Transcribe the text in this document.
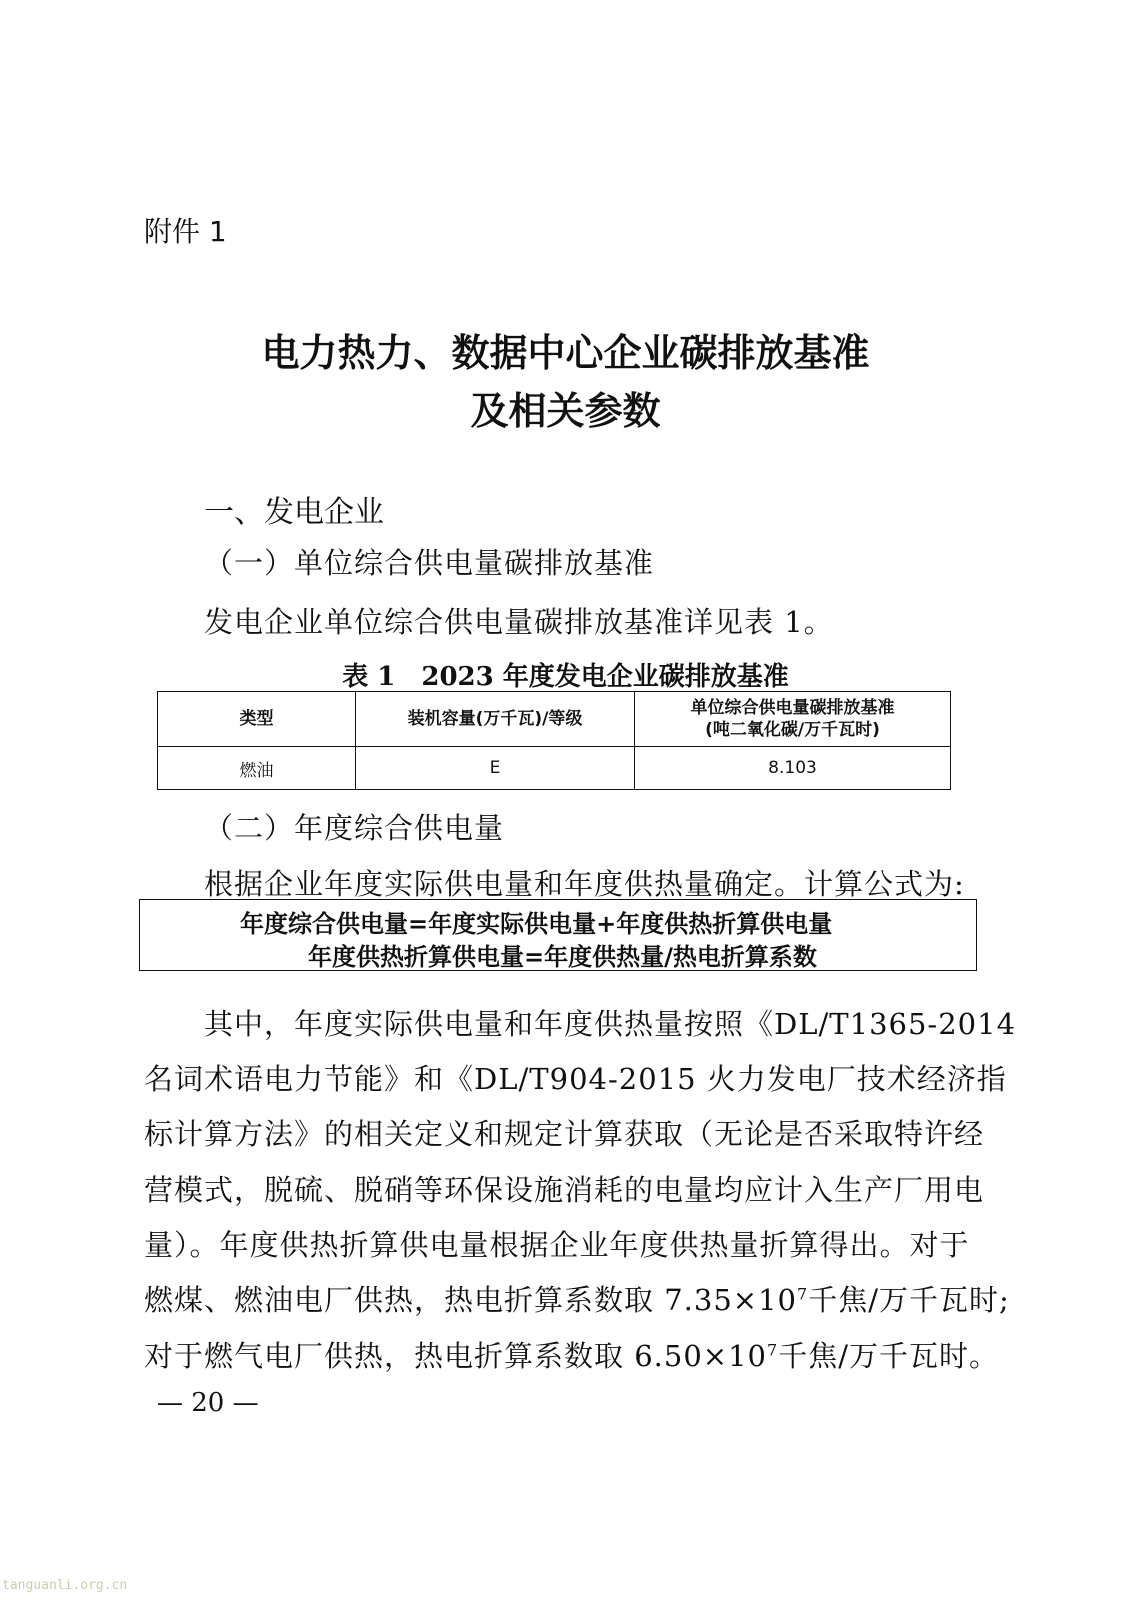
附件 1
电力热力、数据中心企业碳排放基准
及相关参数
一、发电企业
（一）单位综合供电量碳排放基准
发电企业单位综合供电量碳排放基准详见表 1。
表 1　2023 年度发电企业碳排放基准
类型	装机容量(万千瓦)/等级	单位综合供电量碳排放基准
(吨二氧化碳/万千瓦时)

燃油	E	8.103
（二）年度综合供电量
根据企业年度实际供电量和年度供热量确定。计算公式为:
年度综合供电量=年度实际供电量+年度供热折算供电量
年度供热折算供电量=年度供热量/热电折算系数
　　其中，年度实际供电量和年度供热量按照《DL/T1365-2014
名词术语电力节能》和《DL/T904-2015 火力发电厂技术经济指
标计算方法》的相关定义和规定计算获取（无论是否采取特许经
营模式，脱硫、脱硝等环保设施消耗的电量均应计入生产厂用电
量）。年度供热折算供电量根据企业年度供热量折算得出。对于
燃煤、燃油电厂供热，热电折算系数取 $7.35\times 10^7$千焦/万千瓦时;
对于燃气电厂供热，热电折算系数取 $6.50\times 10^7$千焦/万千瓦时。
— 20 —
tanguanli.org.cn
